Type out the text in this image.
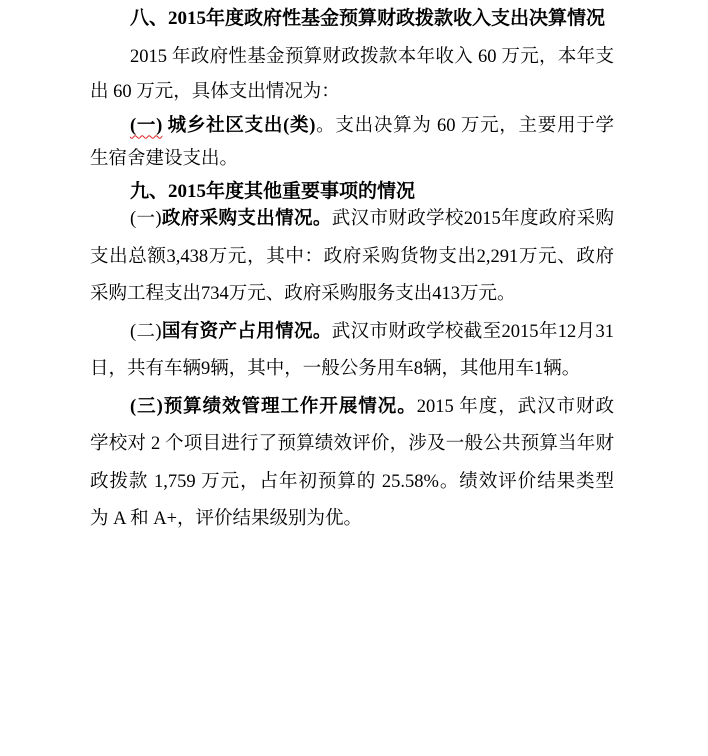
八、2015年度政府性基金预算财政拨款收入支出决算情况
2015 年政府性基金预算财政拨款本年收入 60 万元，本年支
出 60 万元，具体支出情况为：
(一) 城乡社区支出(类)。支出决算为 60 万元，主要用于学
生宿舍建设支出。
九、2015年度其他重要事项的情况
(一)政府采购支出情况。武汉市财政学校2015年度政府采购
支出总额3,438万元，其中：政府采购货物支出2,291万元、政府
采购工程支出734万元、政府采购服务支出413万元。
(二)国有资产占用情况。武汉市财政学校截至2015年12月31
日，共有车辆9辆，其中，一般公务用车8辆，其他用车1辆。
(三)预算绩效管理工作开展情况。2015 年度，武汉市财政
学校对 2 个项目进行了预算绩效评价，涉及一般公共预算当年财
政拨款 1,759 万元，占年初预算的 25.58%。绩效评价结果类型
为 A 和 A+，评价结果级别为优。
